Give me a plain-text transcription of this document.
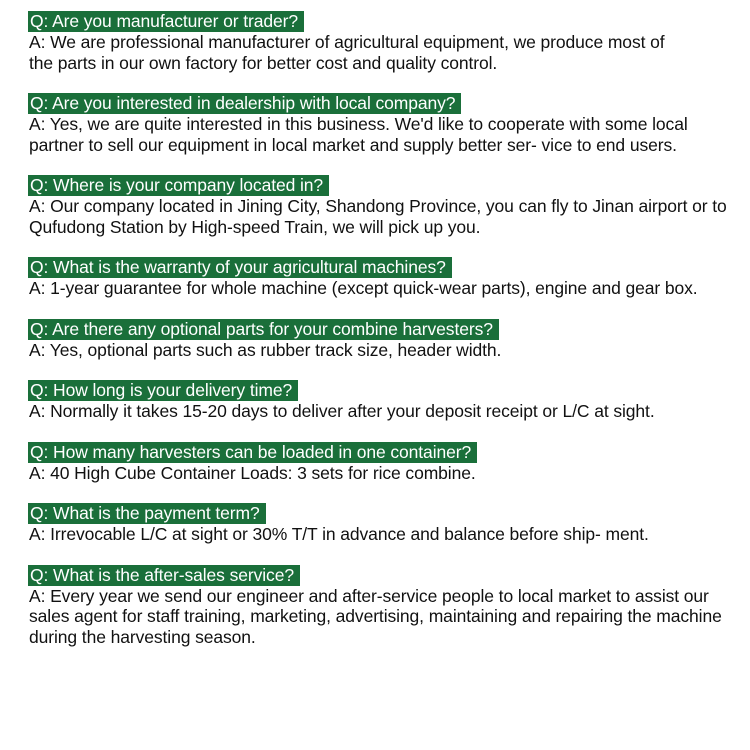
Q: Are you manufacturer or trader?
A: We are professional manufacturer of agricultural equipment, we produce most of the parts in our own factory for better cost and quality control.
Q: Are you interested in dealership with local company?
A: Yes, we are quite interested in this business. We'd like to cooperate with some local partner to sell our equipment in local market and supply better ser- vice to end users.
Q: Where is your company located in?
A: Our company located in Jining City, Shandong Province, you can fly to Jinan airport or to Qufudong Station by High-speed Train, we will pick up you.
Q: What is the warranty of your agricultural machines?
A: 1-year guarantee for whole machine (except quick-wear parts), engine and gear box.
Q: Are there any optional parts for your combine harvesters?
A: Yes, optional parts such as rubber track size, header width.
Q: How long is your delivery time?
A: Normally it takes 15-20 days to deliver after your deposit receipt or L/C at sight.
Q: How many harvesters can be loaded in one container?
A: 40 High Cube Container Loads: 3 sets for rice combine.
Q: What is the payment term?
A: Irrevocable L/C at sight or 30% T/T in advance and balance before ship- ment.
Q: What is the after-sales service?
A: Every year we send our engineer and after-service people to local market to assist our sales agent for staff training, marketing, advertising, maintaining and repairing the machine during the harvesting season.
